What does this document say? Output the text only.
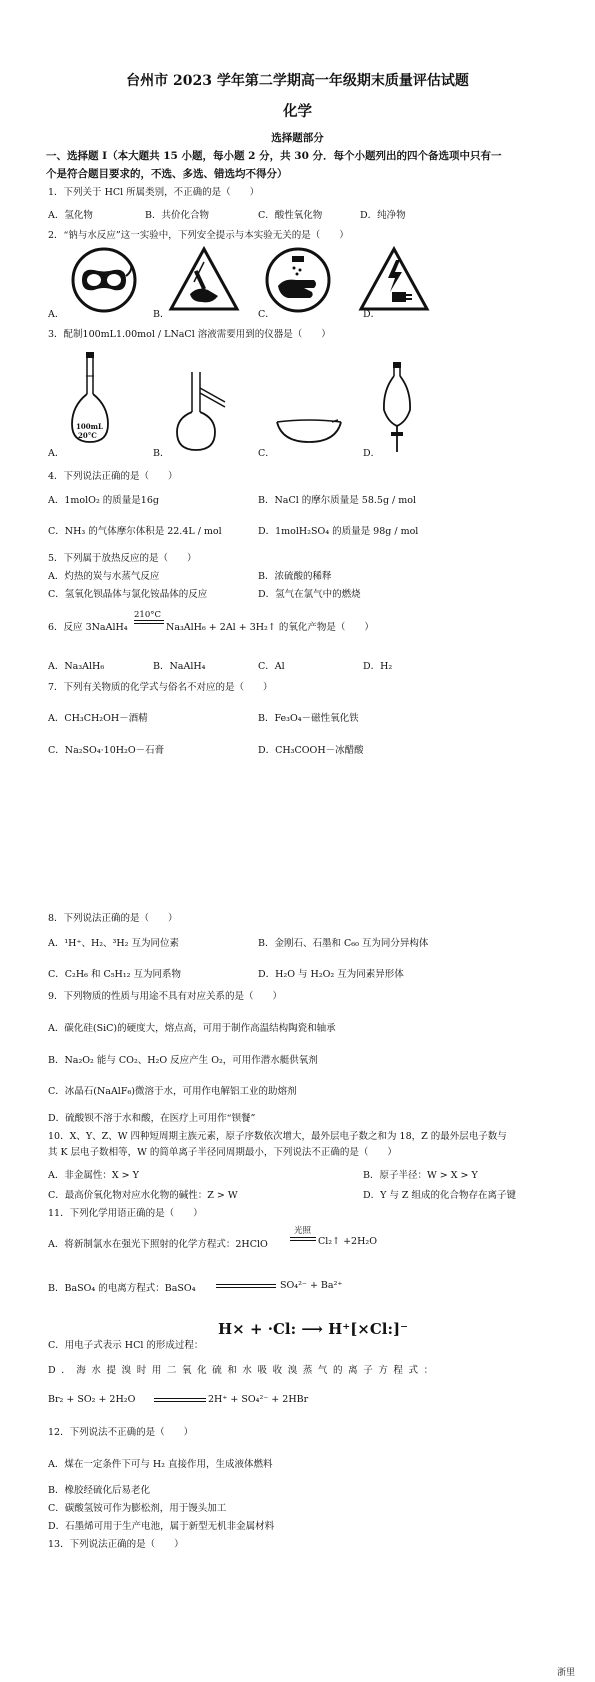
台州市 2023 学年第二学期高一年级期末质量评估试题
化学
选择题部分
一、选择题 I（本大题共 15 小题，每小题 2 分，共 30 分．每个小题列出的四个备选项中只有一
个是符合题目要求的，不选、多选、错选均不得分）
1．下列关于 HCl 所属类别，不正确的是（　　）
A．氢化物	B．共价化合物	C．酸性氧化物	D．纯净物
2．“钠与水反应”这一实验中，下列安全提示与本实验无关的是（　　）
A．	B．	C．	D．
3．配制100mL1.00mol / LNaCl 溶液需要用到的仪器是（　　）
100mL
20°C
A．	B．	C．	D．
4．下列说法正确的是（　　）
A．1molO₂ 的质量是16g	B．NaCl 的摩尔质量是 58.5g / mol
C．NH₃ 的气体摩尔体积是 22.4L / mol	D．1molH₂SO₄ 的质量是 98g / mol
5．下列属于放热反应的是（　　）
A．灼热的炭与水蒸气反应	B．浓硫酸的稀释
C．氢氧化钡晶体与氯化铵晶体的反应	D．氢气在氯气中的燃烧
6．反应 3NaAlH₄
210°C
Na₃AlH₆ + 2Al + 3H₂↑ 的氧化产物是（　　）
A．Na₃AlH₆	B．NaAlH₄	C．Al	D．H₂
7．下列有关物质的化学式与俗名不对应的是（　　）
A．CH₃CH₂OH－酒精	B．Fe₃O₄－磁性氧化铁
C．Na₂SO₄·10H₂O－石膏	D．CH₃COOH－冰醋酸
8．下列说法正确的是（　　）
A．¹H⁺、H₂、³H₂ 互为同位素	B．金刚石、石墨和 C₆₀ 互为同分异构体
C．C₂H₆ 和 C₅H₁₂ 互为同系物	D．H₂O 与 H₂O₂ 互为同素异形体
9．下列物质的性质与用途不具有对应关系的是（　　）
A．碳化硅(SiC)的硬度大，熔点高，可用于制作高温结构陶瓷和轴承
B．Na₂O₂ 能与 CO₂、H₂O 反应产生 O₂，可用作潜水艇供氧剂
C．冰晶石(NaAlF₆)微溶于水，可用作电解铝工业的助熔剂
D．硫酸钡不溶于水和酸，在医疗上可用作“钡餐”
10．X、Y、Z、W 四种短周期主族元素，原子序数依次增大，最外层电子数之和为 18，Z 的最外层电子数与
其 K 层电子数相等，W 的简单离子半径同周期最小，下列说法不正确的是（　　）
A．非金属性：X > Y	B．原子半径：W > X > Y
C．最高价氧化物对应水化物的碱性：Z > W	D．Y 与 Z 组成的化合物存在离子键
11．下列化学用语正确的是（　　）
A．将新制氯水在强光下照射的化学方程式：2HClO
光照
Cl₂↑ +2H₂O
B．BaSO₄ 的电离方程式：BaSO₄	SO₄²⁻ + Ba²⁺
C．用电子式表示 HCl 的形成过程：
H× + ·Cl: ⟶ H⁺[×Cl:]⁻
D．海水提溴时用二氧化硫和水吸收溴蒸气的离子方程式：
Br₂ + SO₂ + 2H₂O	2H⁺ + SO₄²⁻ + 2HBr
12．下列说法不正确的是（　　）
A．煤在一定条件下可与 H₂ 直接作用，生成液体燃料
B．橡胶经硫化后易老化
C．碳酸氢铵可作为膨松剂，用于馒头加工
D．石墨烯可用于生产电池，属于新型无机非金属材料
13．下列说法正确的是（　　）
浙里
